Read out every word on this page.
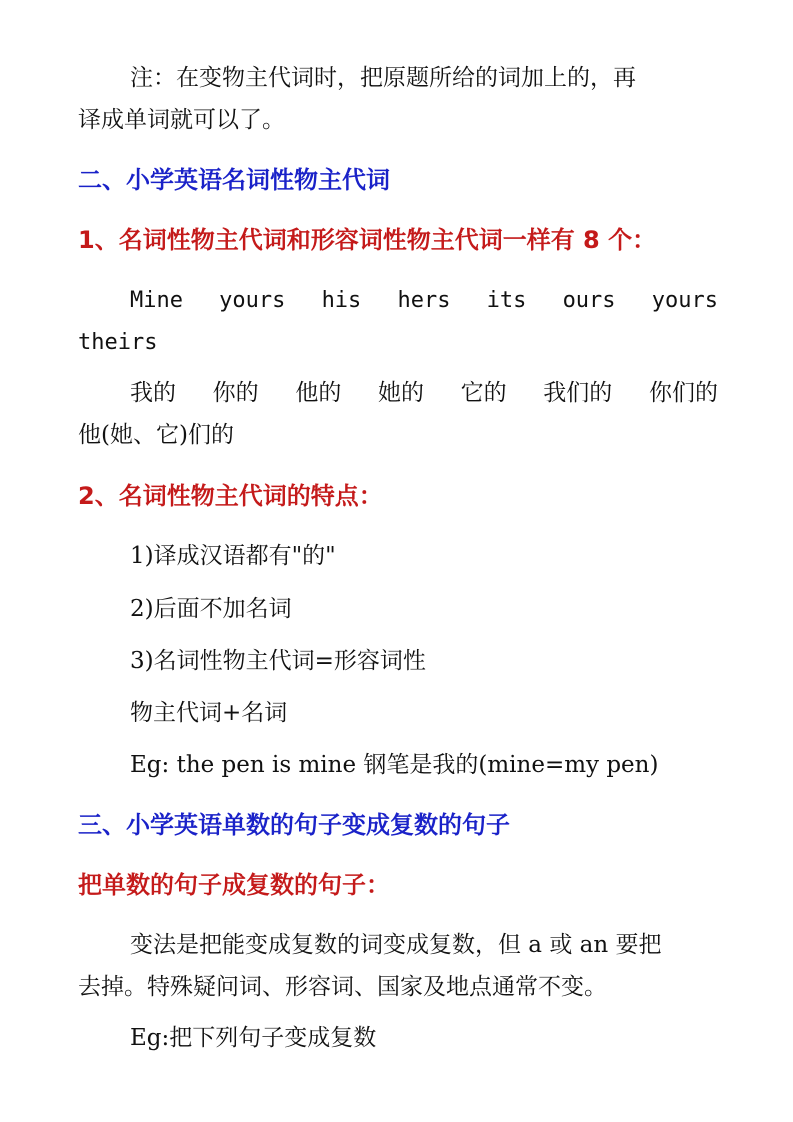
注：在变物主代词时，把原题所给的词加上的，再
译成单词就可以了。
二、小学英语名词性物主代词
1、名词性物主代词和形容词性物主代词一样有 8 个：
Mine yours his hers its ours yours
theirs
我的 你的 他的 她的 它的 我们的 你们的
他(她、它)们的
2、名词性物主代词的特点：
1)译成汉语都有"的"
2)后面不加名词
3)名词性物主代词=形容词性
物主代词+名词
Eg: the pen is mine 钢笔是我的(mine=my pen)
三、小学英语单数的句子变成复数的句子
把单数的句子成复数的句子：
变法是把能变成复数的词变成复数，但 a 或 an 要把
去掉。特殊疑问词、形容词、国家及地点通常不变。
Eg:把下列句子变成复数
